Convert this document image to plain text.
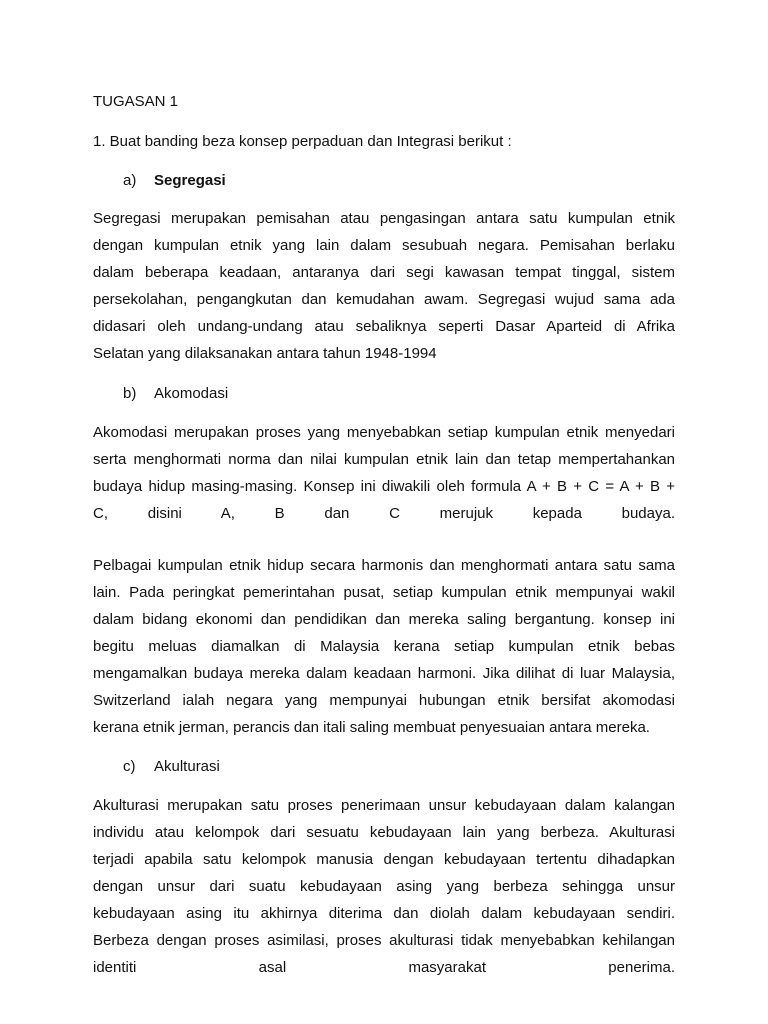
TUGASAN 1
1. Buat banding beza konsep perpaduan dan Integrasi berikut :
a) Segregasi
Segregasi merupakan pemisahan atau pengasingan antara satu kumpulan etnik
dengan kumpulan etnik yang lain dalam sesubuah negara. Pemisahan berlaku
dalam beberapa keadaan, antaranya dari segi kawasan tempat tinggal, sistem
persekolahan, pengangkutan dan kemudahan awam. Segregasi wujud sama ada
didasari oleh undang-undang atau sebaliknya seperti Dasar Aparteid di Afrika
Selatan yang dilaksanakan antara tahun 1948-1994
b) Akomodasi
Akomodasi merupakan proses yang menyebabkan setiap kumpulan etnik menyedari
serta menghormati norma dan nilai kumpulan etnik lain dan tetap mempertahankan
budaya hidup masing-masing. Konsep ini diwakili oleh formula A + B + C = A + B +
C, disini A, B dan C merujuk kepada budaya.
Pelbagai kumpulan etnik hidup secara harmonis dan menghormati antara satu sama
lain. Pada peringkat pemerintahan pusat, setiap kumpulan etnik mempunyai wakil
dalam bidang ekonomi dan pendidikan dan mereka saling bergantung. konsep ini
begitu meluas diamalkan di Malaysia kerana setiap kumpulan etnik bebas
mengamalkan budaya mereka dalam keadaan harmoni. Jika dilihat di luar Malaysia,
Switzerland ialah negara yang mempunyai hubungan etnik bersifat akomodasi
kerana etnik jerman, perancis dan itali saling membuat penyesuaian antara mereka.
c) Akulturasi
Akulturasi merupakan satu proses penerimaan unsur kebudayaan dalam kalangan
individu atau kelompok dari sesuatu kebudayaan lain yang berbeza. Akulturasi
terjadi apabila satu kelompok manusia dengan kebudayaan tertentu dihadapkan
dengan unsur dari suatu kebudayaan asing yang berbeza sehingga unsur
kebudayaan asing itu akhirnya diterima dan diolah dalam kebudayaan sendiri.
Berbeza dengan proses asimilasi, proses akulturasi tidak menyebabkan kehilangan
identiti asal masyarakat penerima.
